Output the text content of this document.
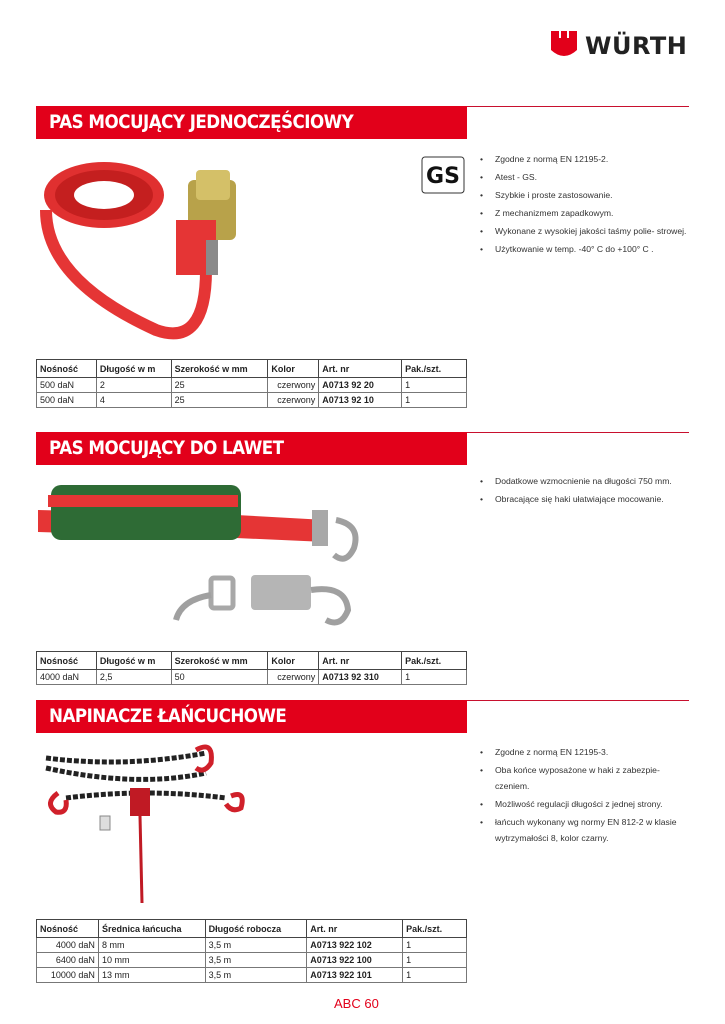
WÜRTH
PAS MOCUJĄCY JEDNOCZĘŚCIOWY
GS
• Zgodne z normą EN 12195-2.
• Atest - GS.
• Szybkie i proste zastosowanie.
• Z mechanizmem zapadkowym.
• Wykonane z wysokiej jakości taśmy polie- strowej.
• Użytkowanie w temp. -40° C do +100° C .
Nośność	Długość w m	Szerokość w mm	Kolor	Art. nr	Pak./szt.
500 daN	2	25	czerwony	A0713 92 20	1
500 daN	4	25	czerwony	A0713 92 10	1
PAS MOCUJĄCY DO LAWET
• Dodatkowe wzmocnienie na długości 750 mm.
• Obracające się haki ułatwiające mocowanie.
Nośność	Długość w m	Szerokość w mm	Kolor	Art. nr	Pak./szt.
4000 daN	2,5	50	czerwony	A0713 92 310	1
NAPINACZE ŁAŃCUCHOWE
• Zgodne z normą EN 12195-3.
• Oba końce wyposażone w haki z zabezpie- czeniem.
• Możliwość regulacji długości z jednej strony.
• łańcuch wykonany wg normy EN 812-2 w klasie wytrzymałości 8, kolor czarny.
Nośność	Średnica łańcucha	Długość robocza	Art. nr	Pak./szt.
4000 daN	8 mm	3,5 m	A0713 922 102	1
6400 daN	10 mm	3,5 m	A0713 922 100	1
10000 daN	13 mm	3,5 m	A0713 922 101	1
ABC 60
